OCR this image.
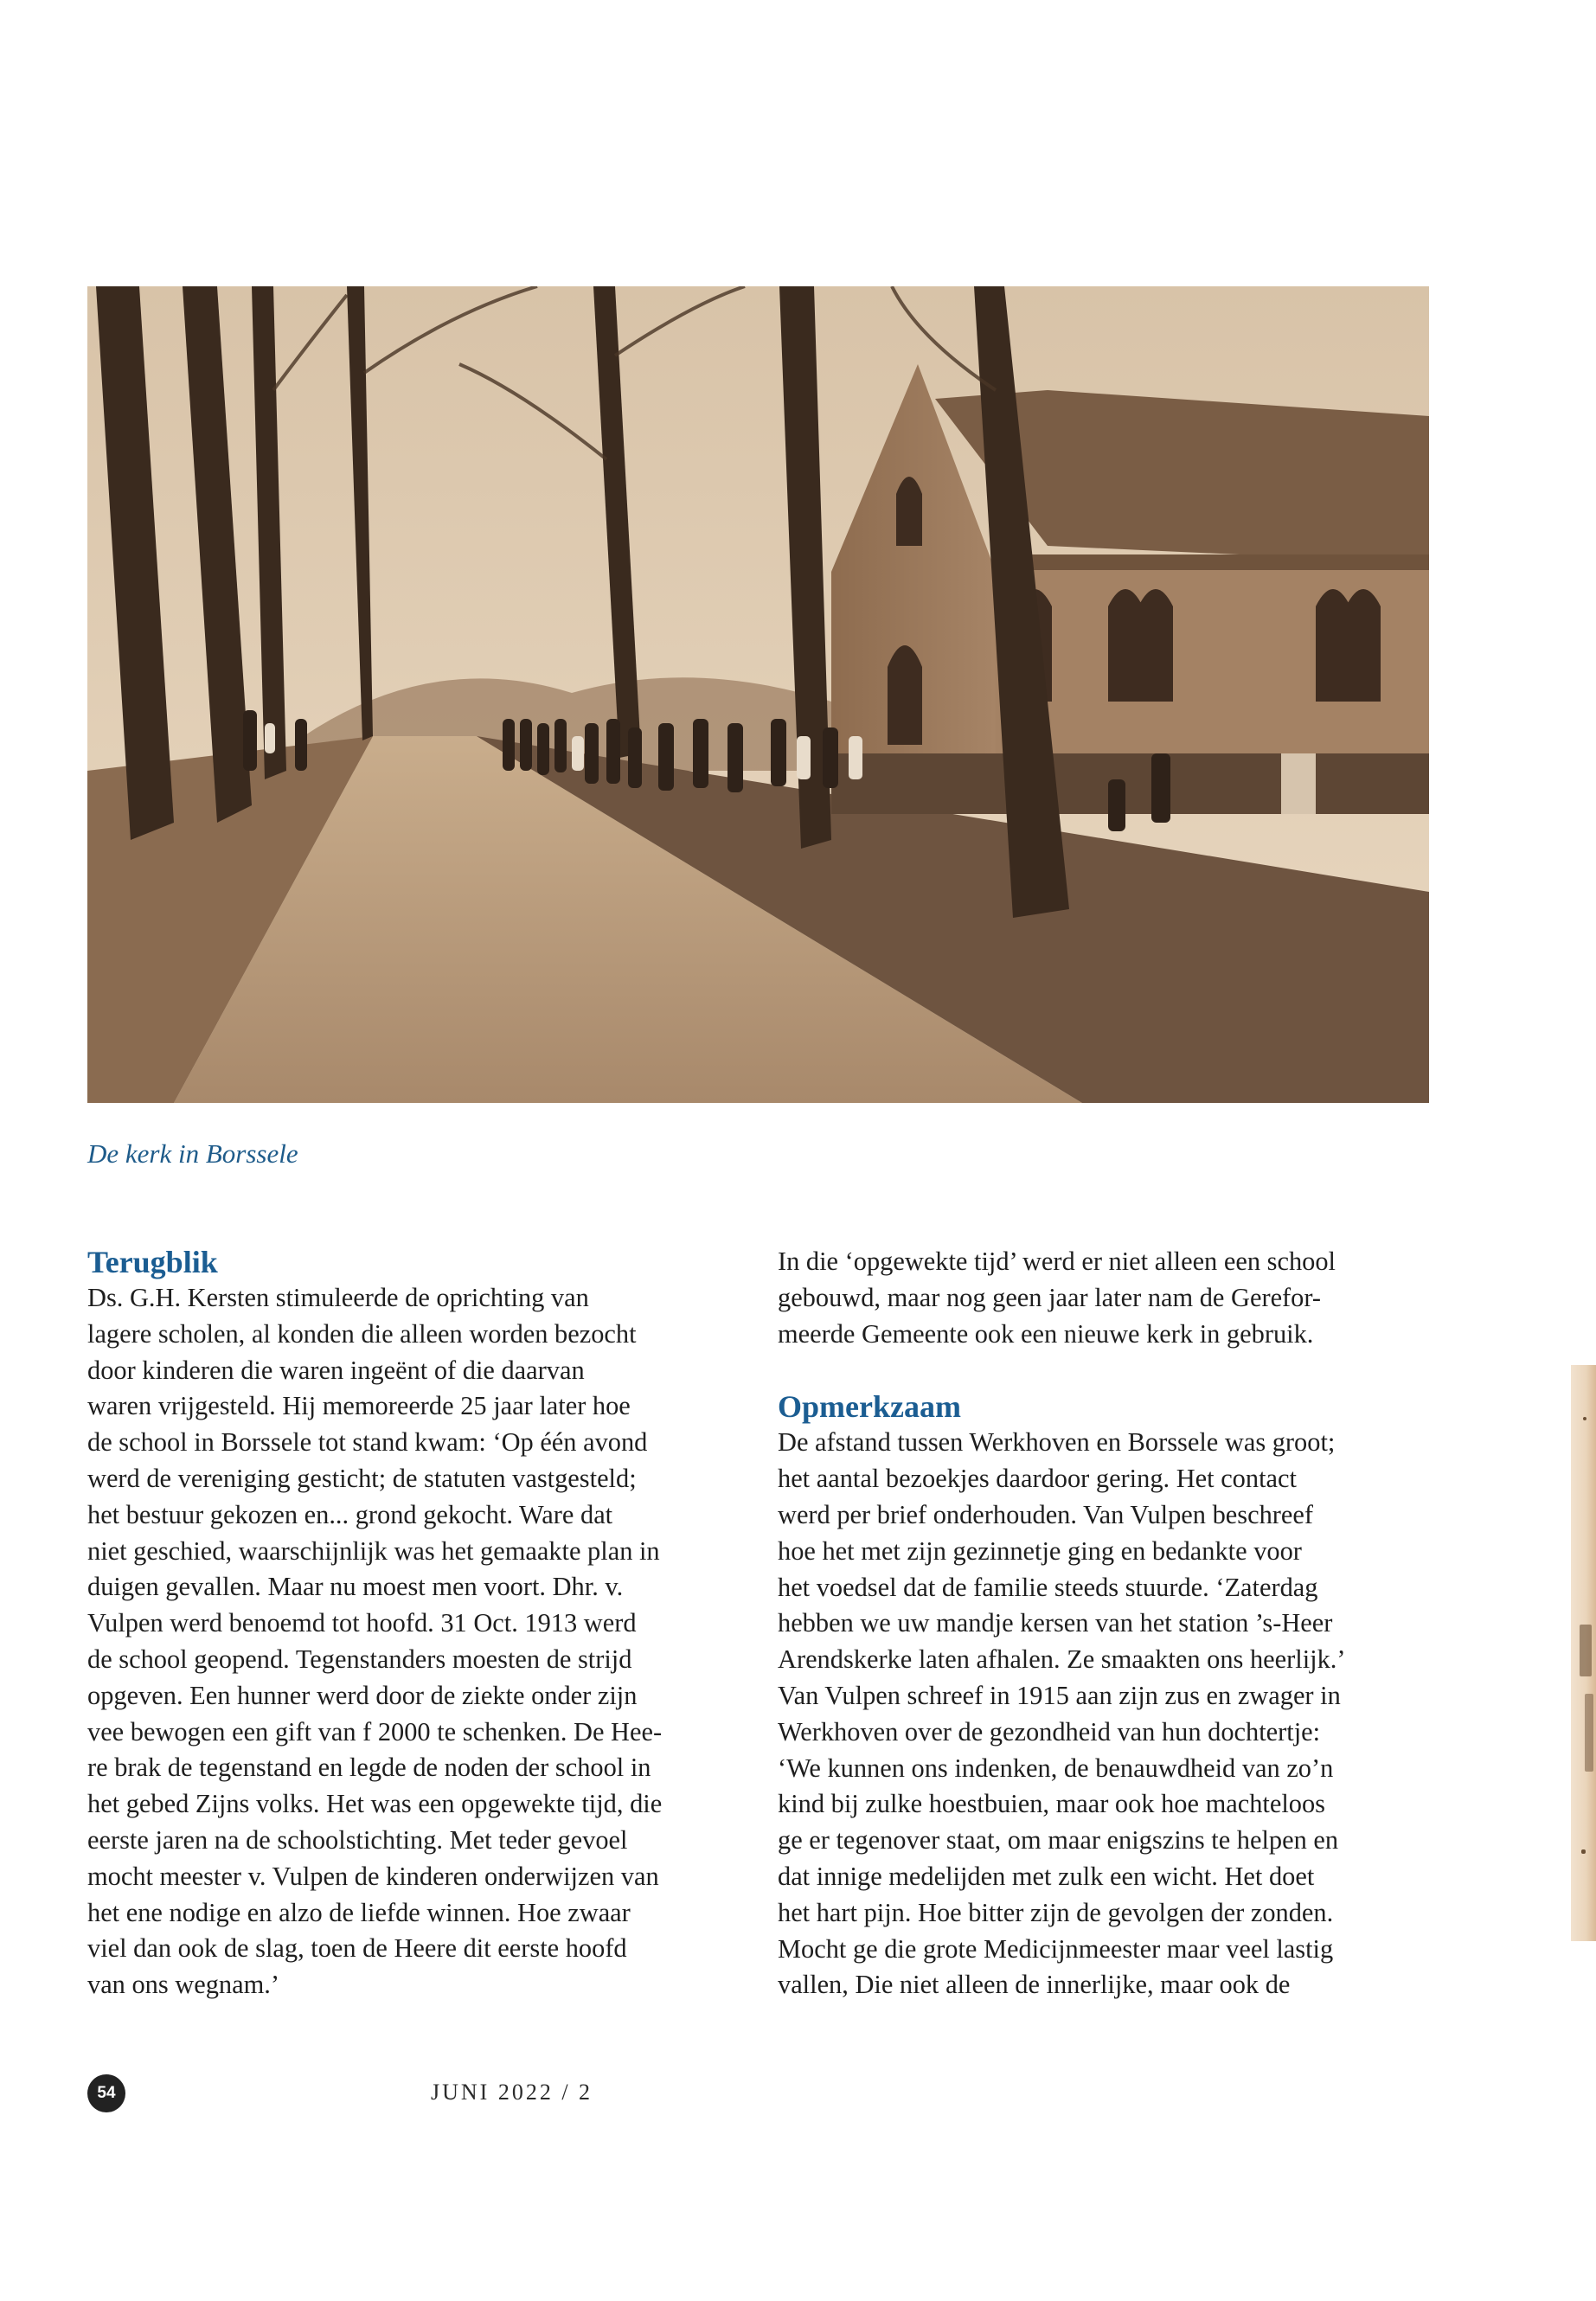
De kerk in Borssele
Terugblik

Ds. G.H. Kersten stimuleerde de oprichting van
lagere scholen, al konden die alleen worden bezocht
door kinderen die waren ingeënt of die daarvan
waren vrijgesteld. Hij memoreerde 25 jaar later hoe
de school in Borssele tot stand kwam: ‘Op één avond
werd de vereniging gesticht; de statuten vastgesteld;
het bestuur gekozen en... grond gekocht. Ware dat
niet geschied, waarschijnlijk was het gemaakte plan in
duigen gevallen. Maar nu moest men voort. Dhr. v.
Vulpen werd benoemd tot hoofd. 31 Oct. 1913 werd
de school geopend. Tegenstanders moesten de strijd
opgeven. Een hunner werd door de ziekte onder zijn
vee bewogen een gift van f 2000 te schenken. De Hee-
re brak de tegenstand en legde de noden der school in
het gebed Zijns volks. Het was een opgewekte tijd, die
eerste jaren na de schoolstichting. Met teder gevoel
mocht meester v. Vulpen de kinderen onderwijzen van
het ene nodige en alzo de liefde winnen. Hoe zwaar
viel dan ook de slag, toen de Heere dit eerste hoofd
van ons wegnam.’

In die ‘opgewekte tijd’ werd er niet alleen een school
gebouwd, maar nog geen jaar later nam de Gerefor-
meerde Gemeente ook een nieuwe kerk in gebruik.

Opmerkzaam

De afstand tussen Werkhoven en Borssele was groot;
het aantal bezoekjes daardoor gering. Het contact
werd per brief onderhouden. Van Vulpen beschreef
hoe het met zijn gezinnetje ging en bedankte voor
het voedsel dat de familie steeds stuurde. ‘Zaterdag
hebben we uw mandje kersen van het station ’s-Heer
Arendskerke laten afhalen. Ze smaakten ons heerlijk.’
Van Vulpen schreef in 1915 aan zijn zus en zwager in
Werkhoven over de gezondheid van hun dochtertje:
‘We kunnen ons indenken, de benauwdheid van zo’n
kind bij zulke hoestbuien, maar ook hoe machteloos
ge er tegenover staat, om maar enigszins te helpen en
dat innige medelijden met zulk een wicht. Het doet
het hart pijn. Hoe bitter zijn de gevolgen der zonden.
Mocht ge die grote Medicijnmeester maar veel lastig
vallen, Die niet alleen de innerlijke, maar ook de

54	JUNI 2022 / 2
